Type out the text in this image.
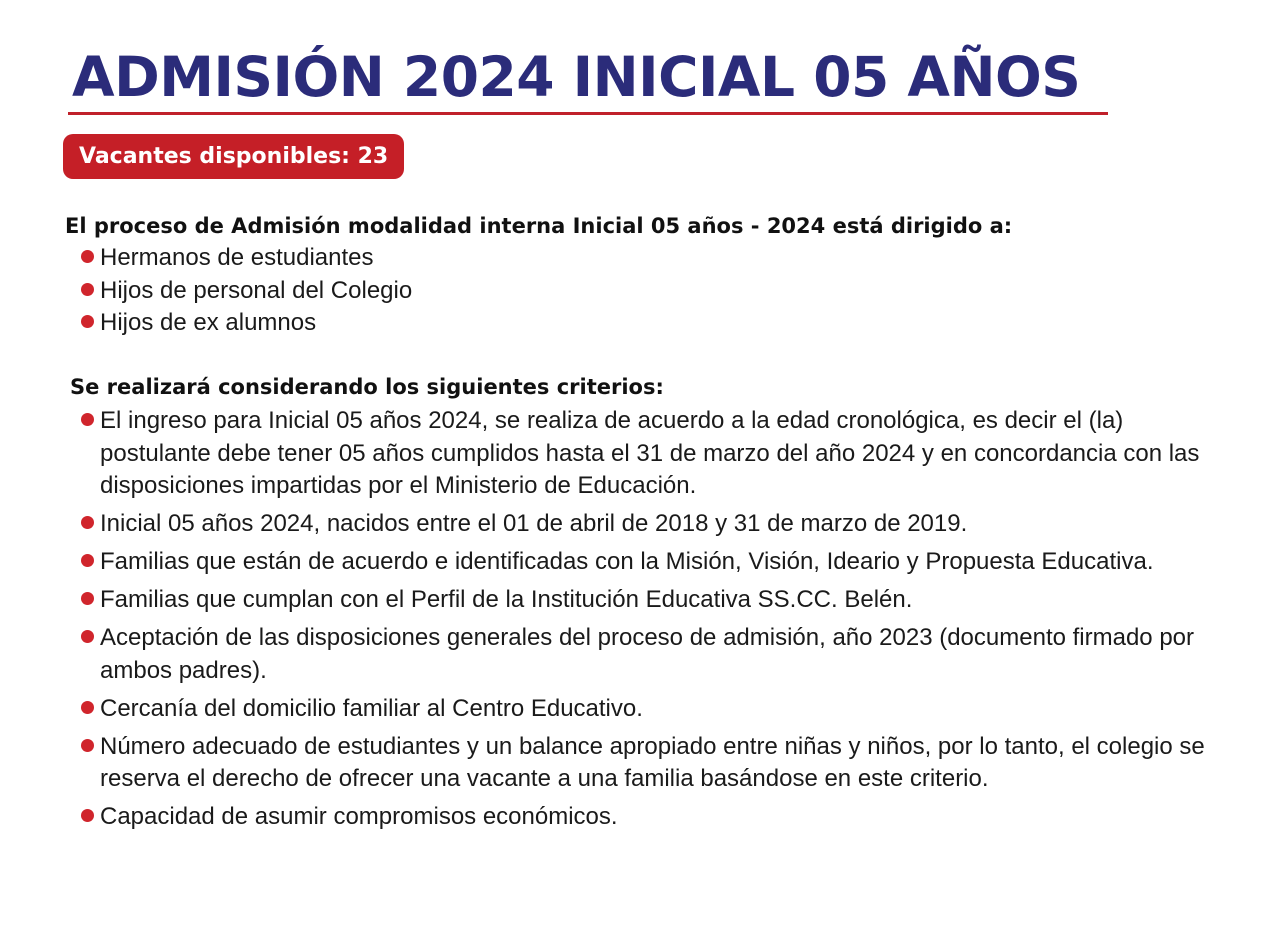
ADMISIÓN 2024 INICIAL 05 AÑOS
Vacantes disponibles: 23
El proceso de Admisión modalidad interna Inicial 05 años - 2024 está dirigido a:
Hermanos de estudiantes
Hijos de personal del Colegio
Hijos de ex alumnos
Se realizará considerando los siguientes criterios:
El ingreso para Inicial 05 años 2024, se realiza de acuerdo a la edad cronológica, es decir el (la) postulante debe tener 05 años cumplidos hasta el 31 de marzo del año 2024 y en concordancia con las disposiciones impartidas por el Ministerio de Educación.
Inicial 05 años 2024, nacidos entre el 01 de abril de 2018 y 31 de marzo de 2019.
Familias que están de acuerdo e identificadas con la Misión, Visión, Ideario y Propuesta Educativa.
Familias que cumplan con el Perfil de la Institución Educativa SS.CC. Belén.
Aceptación de las disposiciones generales del proceso de admisión, año 2023 (documento firmado por ambos padres).
Cercanía del domicilio familiar al Centro Educativo.
Número adecuado de estudiantes y un balance apropiado entre niñas y niños, por lo tanto, el colegio se reserva el derecho de ofrecer una vacante a una familia basándose en este criterio.
Capacidad de asumir compromisos económicos.
